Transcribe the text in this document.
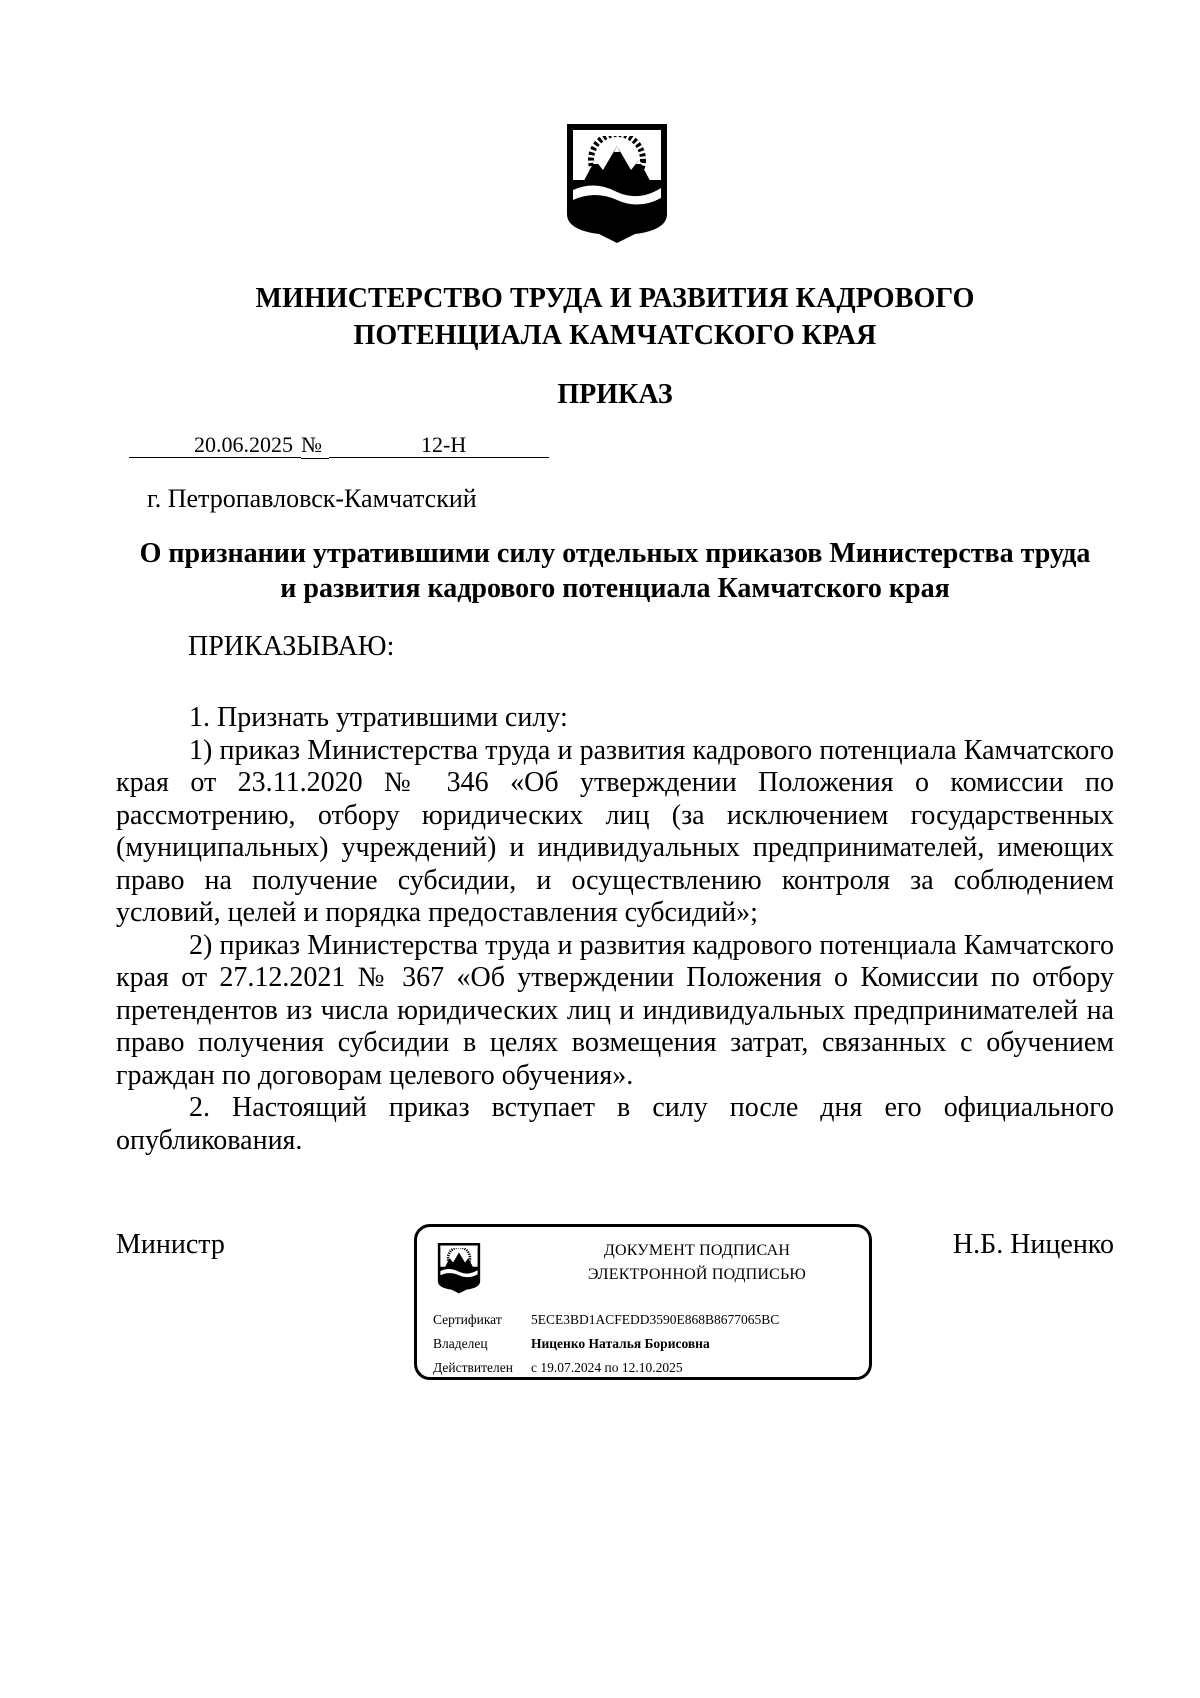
МИНИСТЕРСТВО ТРУДА И РАЗВИТИЯ КАДРОВОГО
ПОТЕНЦИАЛА КАМЧАТСКОГО КРАЯ
ПРИКАЗ
20.06.2025 №	12-Н
г. Петропавловск-Камчатский
О признании утратившими силу отдельных приказов Министерства труда
и развития кадрового потенциала Камчатского края
ПРИКАЗЫВАЮ:

1. Признать утратившими силу:

1) приказ Министерства труда и развития кадрового потенциала Камчатского края от 23.11.2020 № 346 «Об утверждении Положения о комиссии по рассмотрению, отбору юридических лиц (за исключением государственных (муниципальных) учреждений) и индивидуальных предпринимателей, имеющих право на получение субсидии, и осуществлению контроля за соблюдением условий, целей и порядка предоставления субсидий»;

2) приказ Министерства труда и развития кадрового потенциала Камчатского края от 27.12.2021 № 367 «Об утверждении Положения о Комиссии по отбору претендентов из числа юридических лиц и индивидуальных предпринимателей на право получения субсидии в целях возмещения затрат, связанных с обучением граждан по договорам целевого обучения».

2. Настоящий приказ вступает в силу после дня его официального опубликования.

Министр	Н.Б. Ниценко
ДОКУМЕНТ ПОДПИСАН
ЭЛЕКТРОННОЙ ПОДПИСЬЮ
Сертификат 5ECE3BD1ACFEDD3590E868B8677065BC
Владелец	Ниценко Наталья Борисовна
Действителен с 19.07.2024 по 12.10.2025
